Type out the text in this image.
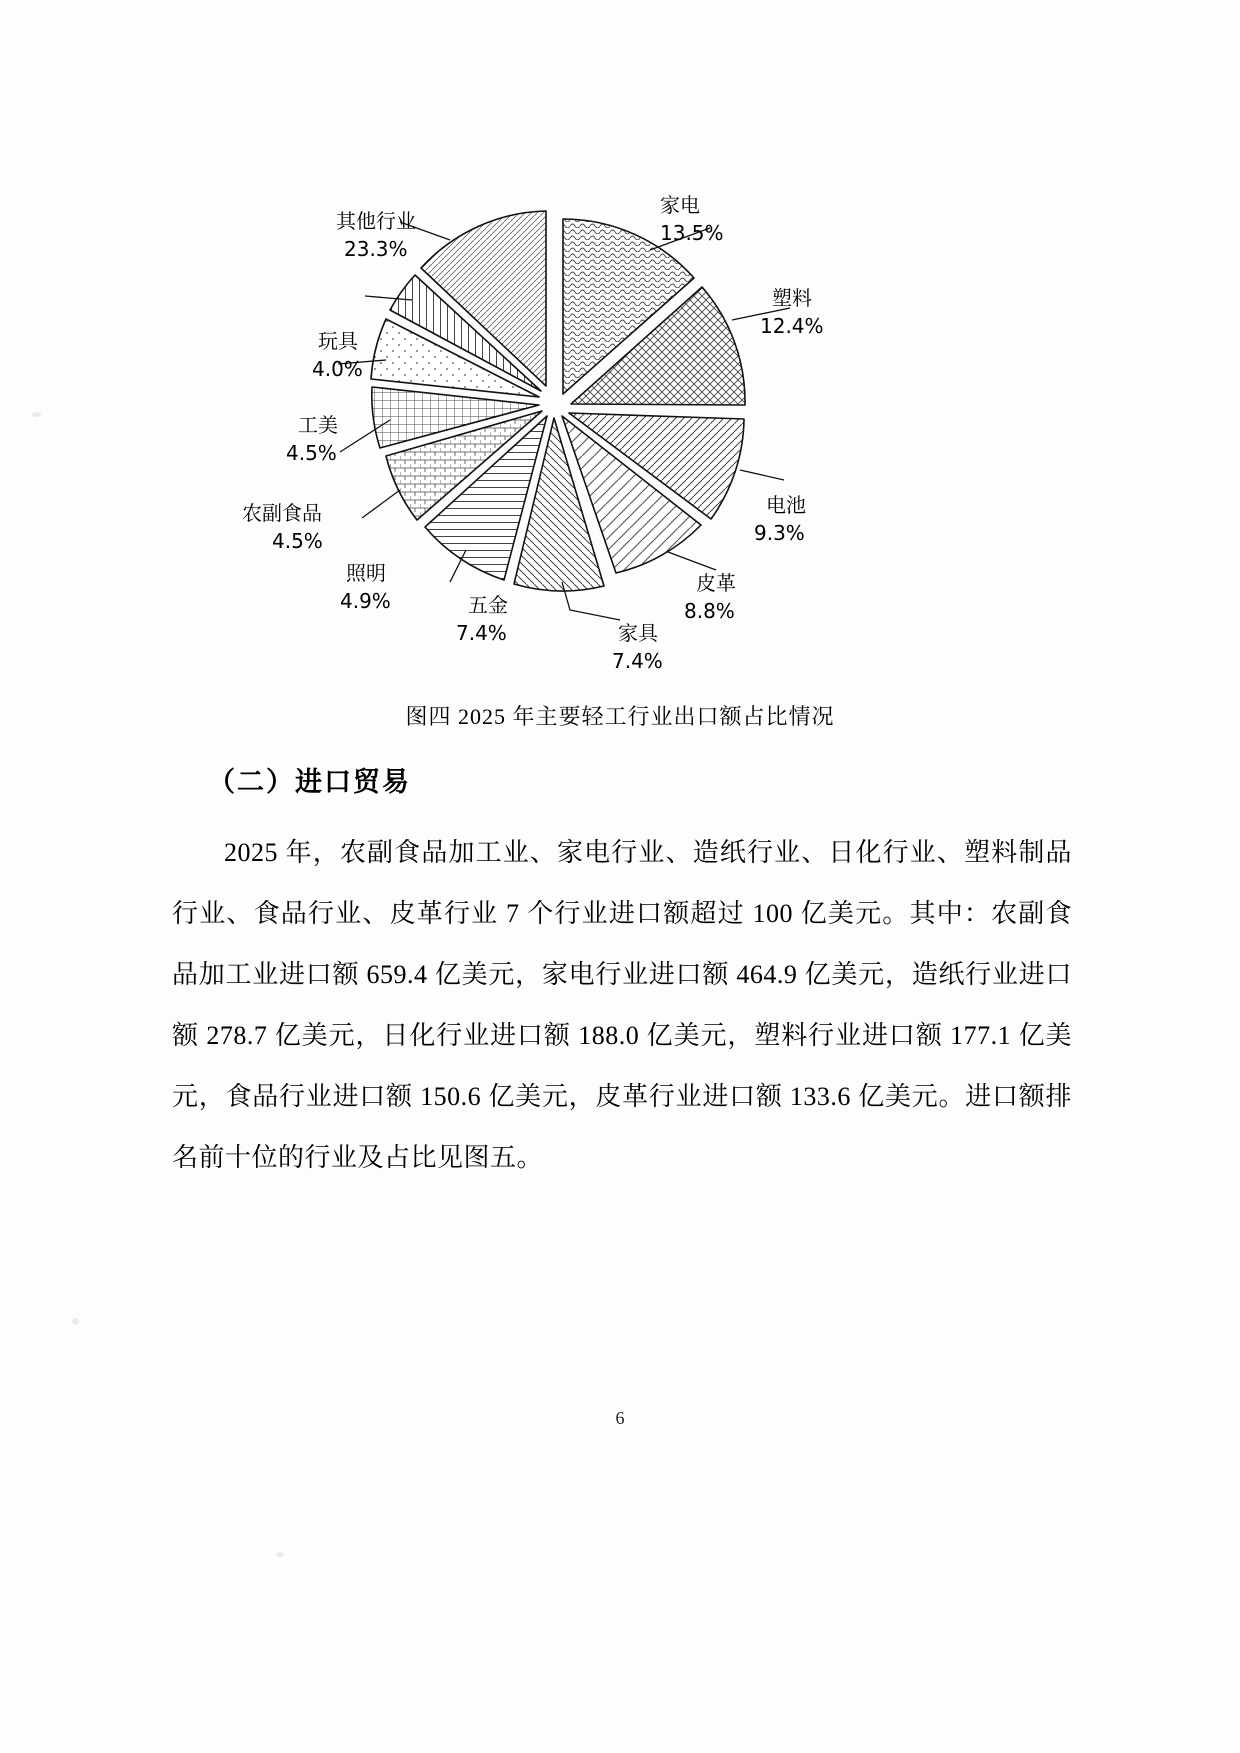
家电
13.5%
塑料
12.4%
电池
9.3%
皮革
8.8%
家具
7.4%
五金
7.4%
照明
4.9%
农副食品
4.5%
工美
4.5%
玩具
4.0%
其他行业
23.3%
图四 2025 年主要轻工行业出口额占比情况
（二）进口贸易

2025 年，农副食品加工业、家电行业、造纸行业、日化行业、塑料制品行业、食品行业、皮革行业 7 个行业进口额超过 100 亿美元。其中：农副食品加工业进口额 659.4 亿美元，家电行业进口额 464.9 亿美元，造纸行业进口额 278.7 亿美元，日化行业进口额 188.0 亿美元，塑料行业进口额 177.1 亿美元，食品行业进口额 150.6 亿美元，皮革行业进口额 133.6 亿美元。进口额排名前十位的行业及占比见图五。

6
